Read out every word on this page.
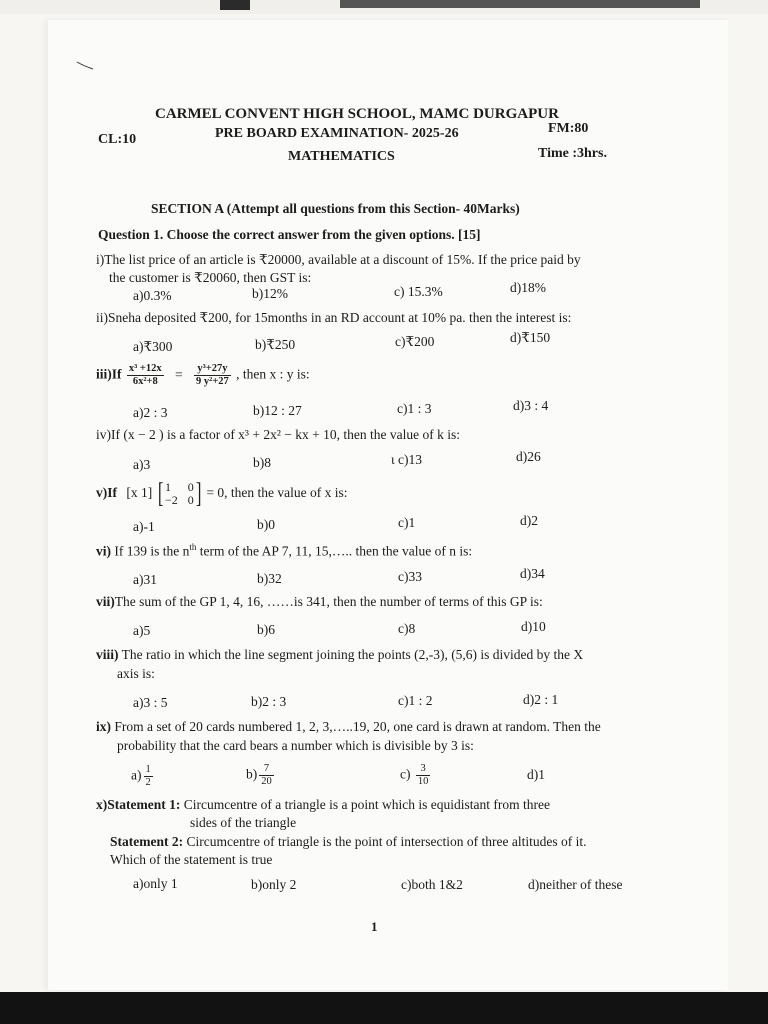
CARMEL CONVENT HIGH SCHOOL, MAMC DURGAPUR
CL:10	PRE BOARD EXAMINATION- 2025-26	FM:80
MATHEMATICS	Time :3hrs.
SECTION A (Attempt all questions from this Section- 40Marks)
Question 1. Choose the correct answer from the given options. [15]
i)The list price of an article is ₹20000, available at a discount of 15%. If the price paid by
the customer is ₹20060, then GST is:
a)0.3%	b)12%	c) 15.3%	d)18%
ii)Sneha deposited ₹200, for 15months in an RD account at 10% pa. then the interest is:
a)₹300	b)₹250	c)₹200	d)₹150
$iii)If \frac{\text{x³ +12x}}{\text{6x²+8}} = \frac{\text{y³+27y}}{\text{9 y²+27}}$ , then x : y is:
a)2 : 3	b)12 : 27	c)1 : 3	d)3 : 4
iv)If (x − 2 ) is a factor of x³ + 2x² − kx + 10, then the value of k is:
a)3	b)8	ι c)13	d)26
v)If [x 1] [ 1	0
−2 0 ] = 0, then the value of x is:
a)-1	b)0	c)1	d)2
vi) If 139 is the $n^{th}$ term of the AP 7, 11, 15,….. then the value of n is:
a)31	b)32	c)33	d)34
vii)The sum of the GP 1, 4, 16, ……is 341, then the number of terms of this GP is:
a)5	b)6	c)8	d)10
viii) The ratio in which the line segment joining the points (2,-3), (5,6) is divided by the X
axis is:
a)3 : 5	b)2 : 3	c)1 : 2	d)2 : 1
ix) From a set of 20 cards numbered 1, 2, 3,…..19, 20, one card is drawn at random. Then the
probability that the card bears a number which is divisible by 3 is:
$a) \frac{1}{2}$	$b) \frac{7}{20}$	$c) \frac{3}{10}$	d)1
x)Statement 1: Circumcentre of a triangle is a point which is equidistant from three
sides of the triangle
Statement 2: Circumcentre of triangle is the point of intersection of three altitudes of it.
Which of the statement is true
a)only 1	b)only 2	c)both 1&2	d)neither of these
1
